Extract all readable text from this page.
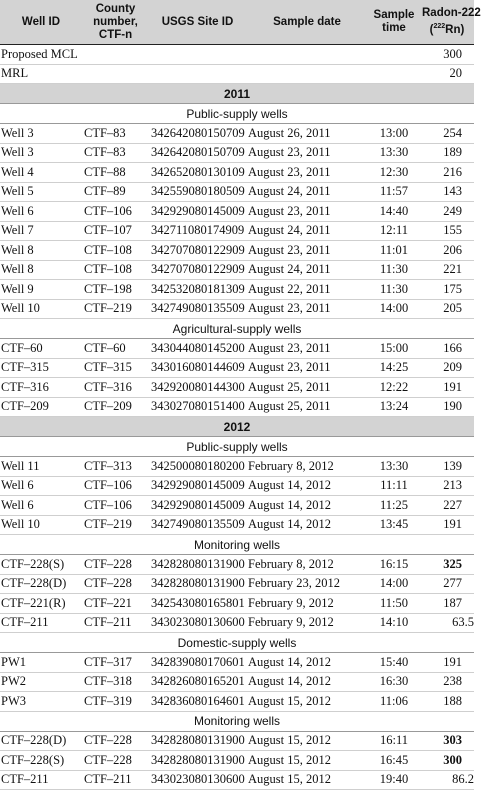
Well ID	County
number,
CTF-n	USGS Site ID	Sample date	Sample
time	Radon-222
($^{222}$Rn)
Proposed MCL					300
MRL					20
2011					
Public-supply wells					
Well 3	CTF–83	342642080150709	August 26, 2011	13:00	254
Well 3	CTF–83	342642080150709	August 23, 2011	13:30	189
Well 4	CTF–88	342652080130109	August 23, 2011	12:30	216
Well 5	CTF–89	342559080180509	August 24, 2011	11:57	143
Well 6	CTF–106	342929080145009	August 23, 2011	14:40	249
Well 7	CTF–107	342711080174909	August 24, 2011	12:11	155
Well 8	CTF–108	342707080122909	August 23, 2011	11:01	206
Well 8	CTF–108	342707080122909	August 24, 2011	11:30	221
Well 9	CTF–198	342532080181309	August 22, 2011	11:30	175
Well 10	CTF–219	342749080135509	August 23, 2011	14:00	205
Agricultural-supply wells					
CTF–60	CTF–60	343044080145200	August 23, 2011	15:00	166
CTF–315	CTF–315	343016080144609	August 23, 2011	14:25	209
CTF–316	CTF–316	342920080144300	August 25, 2011	12:22	191
CTF–209	CTF–209	343027080151400	August 25, 2011	13:24	190
2012					
Public-supply wells					
Well 11	CTF–313	342500080180200	February 8, 2012	13:30	139
Well 6	CTF–106	342929080145009	August 14, 2012	11:11	213
Well 6	CTF–106	342929080145009	August 14, 2012	11:25	227
Well 10	CTF–219	342749080135509	August 14, 2012	13:45	191
Monitoring wells					
CTF–228(S)	CTF–228	342828080131900	February 8, 2012	16:15	325
CTF–228(D)	CTF–228	342828080131900	February 23, 2012	14:00	277
CTF–221(R)	CTF–221	342543080165801	February 9, 2012	11:50	187
CTF–211	CTF–211	343023080130600	February 9, 2012	14:10	63.5
Domestic-supply wells					
PW1	CTF–317	342839080170601	August 14, 2012	15:40	191
PW2	CTF–318	342826080165201	August 14, 2012	16:30	238
PW3	CTF–319	342836080164601	August 15, 2012	11:06	188
Monitoring wells					
CTF–228(D)	CTF–228	342828080131900	August 15, 2012	16:11	303
CTF–228(S)	CTF–228	342828080131900	August 15, 2012	16:45	300
CTF–211	CTF–211	343023080130600	August 15, 2012	19:40	86.2
